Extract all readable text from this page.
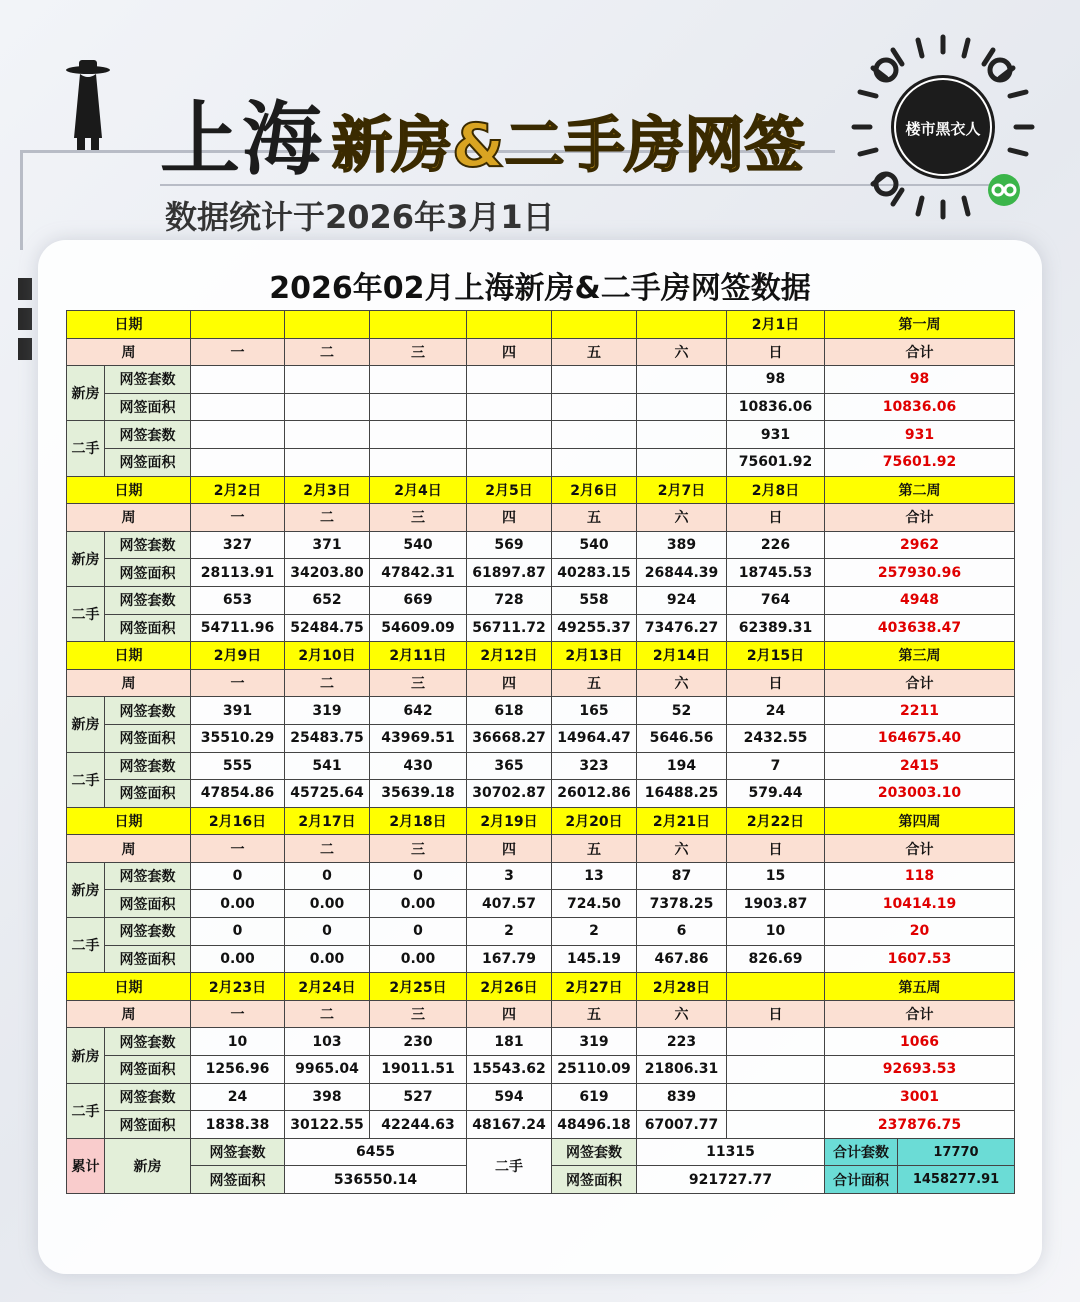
上海 新房&二手房网签
数据统计于2026年3月1日
楼市黑衣人
2026年02月上海新房&二手房网签数据
日期								2月1日	第一周
周		一	二	三	四	五	六	日	合计
新房	网签套数							98	98
	网签面积							10836.06	10836.06
二手	网签套数							931	931
	网签面积							75601.92	75601.92
日期		2月2日	2月3日	2月4日	2月5日	2月6日	2月7日	2月8日	第二周
周		一	二	三	四	五	六	日	合计
新房	网签套数	327	371	540	569	540	389	226	2962
	网签面积	28113.91	34203.80	47842.31	61897.87	40283.15	26844.39	18745.53	257930.96
二手	网签套数	653	652	669	728	558	924	764	4948
	网签面积	54711.96	52484.75	54609.09	56711.72	49255.37	73476.27	62389.31	403638.47
日期		2月9日	2月10日	2月11日	2月12日	2月13日	2月14日	2月15日	第三周
周		一	二	三	四	五	六	日	合计
新房	网签套数	391	319	642	618	165	52	24	2211
	网签面积	35510.29	25483.75	43969.51	36668.27	14964.47	5646.56	2432.55	164675.40
二手	网签套数	555	541	430	365	323	194	7	2415
	网签面积	47854.86	45725.64	35639.18	30702.87	26012.86	16488.25	579.44	203003.10
日期		2月16日	2月17日	2月18日	2月19日	2月20日	2月21日	2月22日	第四周
周		一	二	三	四	五	六	日	合计
新房	网签套数	0	0	0	3	13	87	15	118
	网签面积	0.00	0.00	0.00	407.57	724.50	7378.25	1903.87	10414.19
二手	网签套数	0	0	0	2	2	6	10	20
	网签面积	0.00	0.00	0.00	167.79	145.19	467.86	826.69	1607.53
日期		2月23日	2月24日	2月25日	2月26日	2月27日	2月28日		第五周
周		一	二	三	四	五	六	日	合计
新房	网签套数	10	103	230	181	319	223		1066
	网签面积	1256.96	9965.04	19011.51	15543.62	25110.09	21806.31		92693.53
二手	网签套数	24	398	527	594	619	839		3001
	网签面积	1838.38	30122.55	42244.63	48167.24	48496.18	67007.77		237876.75
累计	新房	网签套数	6455		二手	网签套数	11315		合计套数 17770

		网签面积	536550.14			网签面积	921727.77		合计面积 1458277.91
